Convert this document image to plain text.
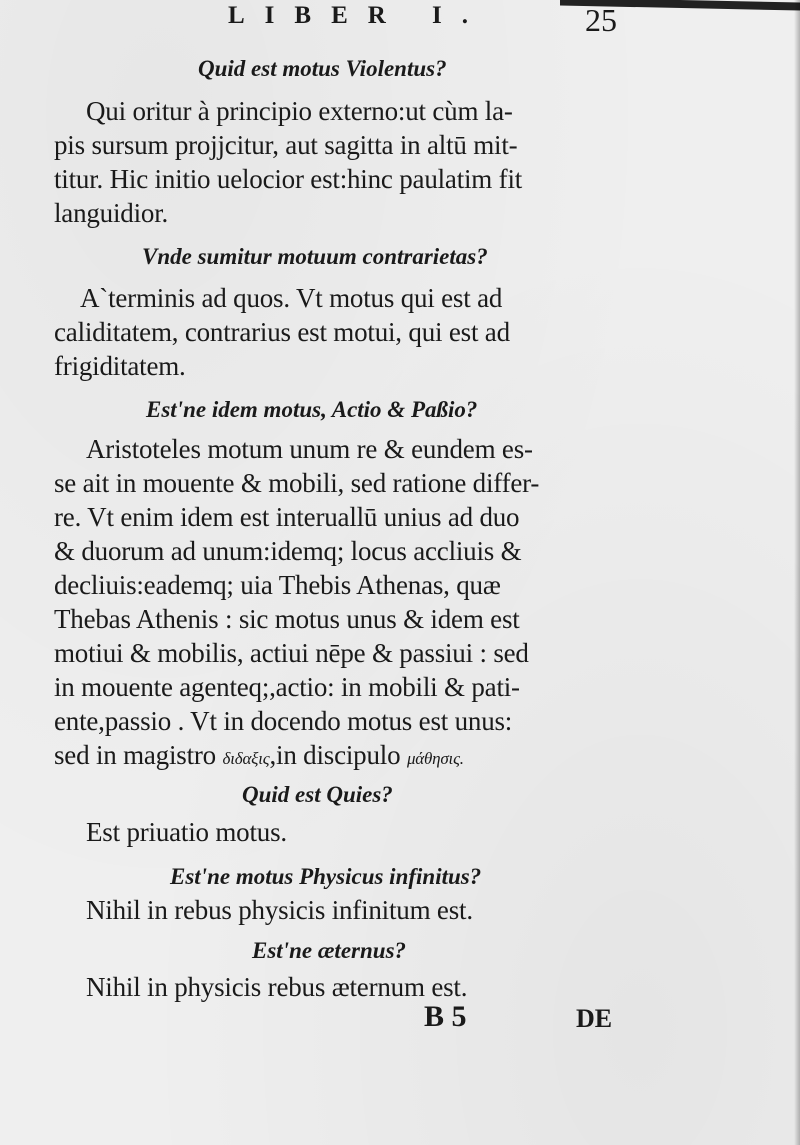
LIBER I.	25
Quid est motus Violentus?
Qui oritur à principio externo:ut cùm la-
pis sursum projjcitur, aut sagitta in altū mit-
titur. Hic initio uelocior est:hinc paulatim fit
languidior.
Vnde sumitur motuum contrarietas?
A`terminis ad quos. Vt motus qui est ad
caliditatem, contrarius est motui, qui est ad
frigiditatem.
Est'ne idem motus, Actio & Paßio?
Aristoteles motum unum re & eundem es-
se ait in mouente & mobili, sed ratione differ-
re. Vt enim idem est interuallū unius ad duo
& duorum ad unum:idemq; locus accliuis &
decliuis:eademq; uia Thebis Athenas, quæ
Thebas Athenis : sic motus unus & idem est
motiui & mobilis, actiui nēpe & passiui : sed
in mouente agenteq;,actio: in mobili & pati-
ente,passio . Vt in docendo motus est unus:
sed in magistro διδαξις,in discipulo μάθησις.
Quid est Quies?
Est priuatio motus.
Est'ne motus Physicus infinitus?
Nihil in rebus physicis infinitum est.
Est'ne æternus?
Nihil in physicis rebus æternum est.
B 5	DE
